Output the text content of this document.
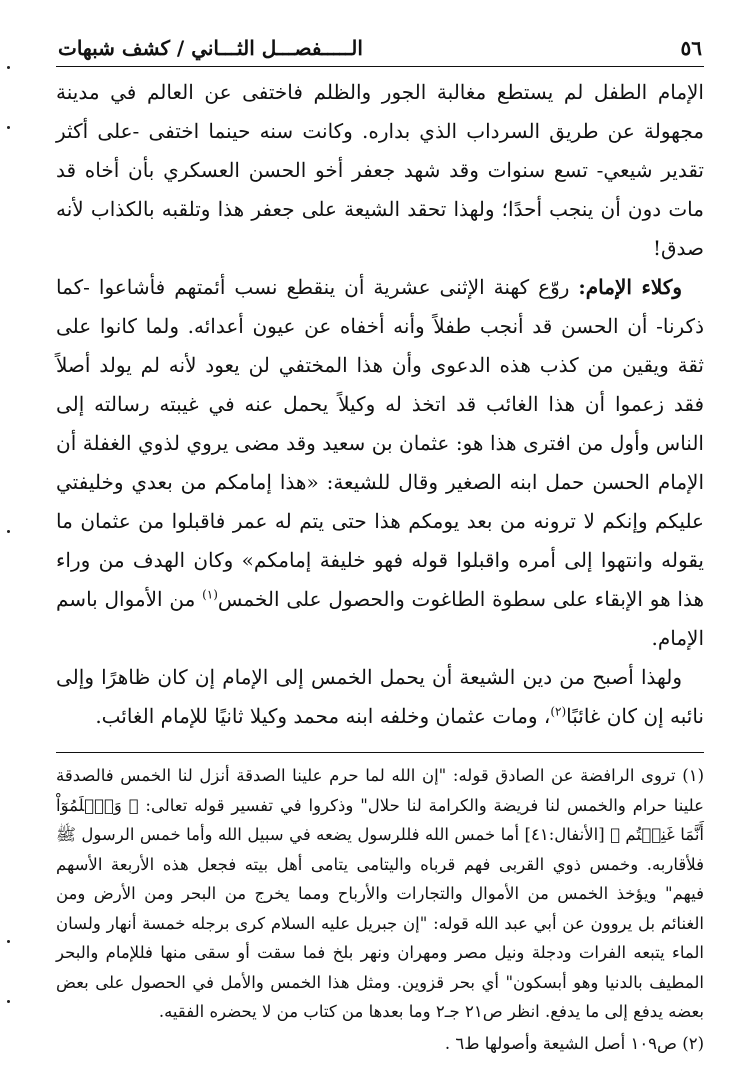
٥٦
الـــــفصـــل الثـــاني / كشف شبهات

الإمام الطفل لم يستطع مغالبة الجور والظلم فاختفى عن العالم في مدينة مجهولة عن طريق السرداب الذي بداره. وكانت سنه حينما اختفى -على أكثر تقدير شيعي- تسع سنوات وقد شهد جعفر أخو الحسن العسكري بأن أخاه قد مات دون أن ينجب أحدًا؛ ولهذا تحقد الشيعة على جعفر هذا وتلقبه بالكذاب لأنه صدق!

وكلاء الإمام: روّع كهنة الإثنى عشرية أن ينقطع نسب أئمتهم فأشاعوا -كما ذكرنا- أن الحسن قد أنجب طفلاً وأنه أخفاه عن عيون أعدائه. ولما كانوا على ثقة ويقين من كذب هذه الدعوى وأن هذا المختفي لن يعود لأنه لم يولد أصلاً فقد زعموا أن هذا الغائب قد اتخذ له وكيلاً يحمل عنه في غيبته رسالته إلى الناس وأول من افترى هذا هو: عثمان بن سعيد وقد مضى يروي لذوي الغفلة أن الإمام الحسن حمل ابنه الصغير وقال للشيعة: «هذا إمامكم من بعدي وخليفتي عليكم وإنكم لا ترونه من بعد يومكم هذا حتى يتم له عمر فاقبلوا من عثمان ما يقوله وانتهوا إلى أمره واقبلوا قوله فهو خليفة إمامكم» وكان الهدف من وراء هذا هو الإبقاء على سطوة الطاغوت والحصول على الخمس$^{(١)}$ من الأموال باسم الإمام.

ولهذا أصبح من دين الشيعة أن يحمل الخمس إلى الإمام إن كان ظاهرًا وإلى نائبه إن كان غائبًا$^{(٢)}$، ومات عثمان وخلفه ابنه محمد وكيلا ثانيًا للإمام الغائب.

(١) تروى الرافضة عن الصادق قوله: "إن الله لما حرم علينا الصدقة أنزل لنا الخمس فالصدقة علينا حرام والخمس لنا فريضة والكرامة لنا حلال" وذكروا في تفسير قوله تعالى: ﴿ وَٱعۡلَمُوٓاْ أَنَّمَا غَنِمۡتُم ﴾ [الأنفال:٤١] أما خمس الله فللرسول يضعه في سبيل الله وأما خمس الرسول ﷺ فلأقاربه. وخمس ذوي القربى فهم قرباه واليتامى يتامى أهل بيته فجعل هذه الأربعة الأسهم فيهم" ويؤخذ الخمس من الأموال والتجارات والأرباح ومما يخرج من البحر ومن الأرض ومن الغنائم بل يروون عن أبي عبد الله قوله: "إن جبريل عليه السلام كرى برجله خمسة أنهار ولسان الماء يتبعه الفرات ودجلة ونيل مصر ومهران ونهر بلخ فما سقت أو سقى منها فللإمام والبحر المطيف بالدنيا وهو أبسكون" أي بحر قزوين. ومثل هذا الخمس والأمل في الحصول على بعض بعضه يدفع إلى ما يدفع. انظر ص٢١ جـ٢ وما بعدها من كتاب من لا يحضره الفقيه.

(٢) ص١٠٩ أصل الشيعة وأصولها ط٦ .
